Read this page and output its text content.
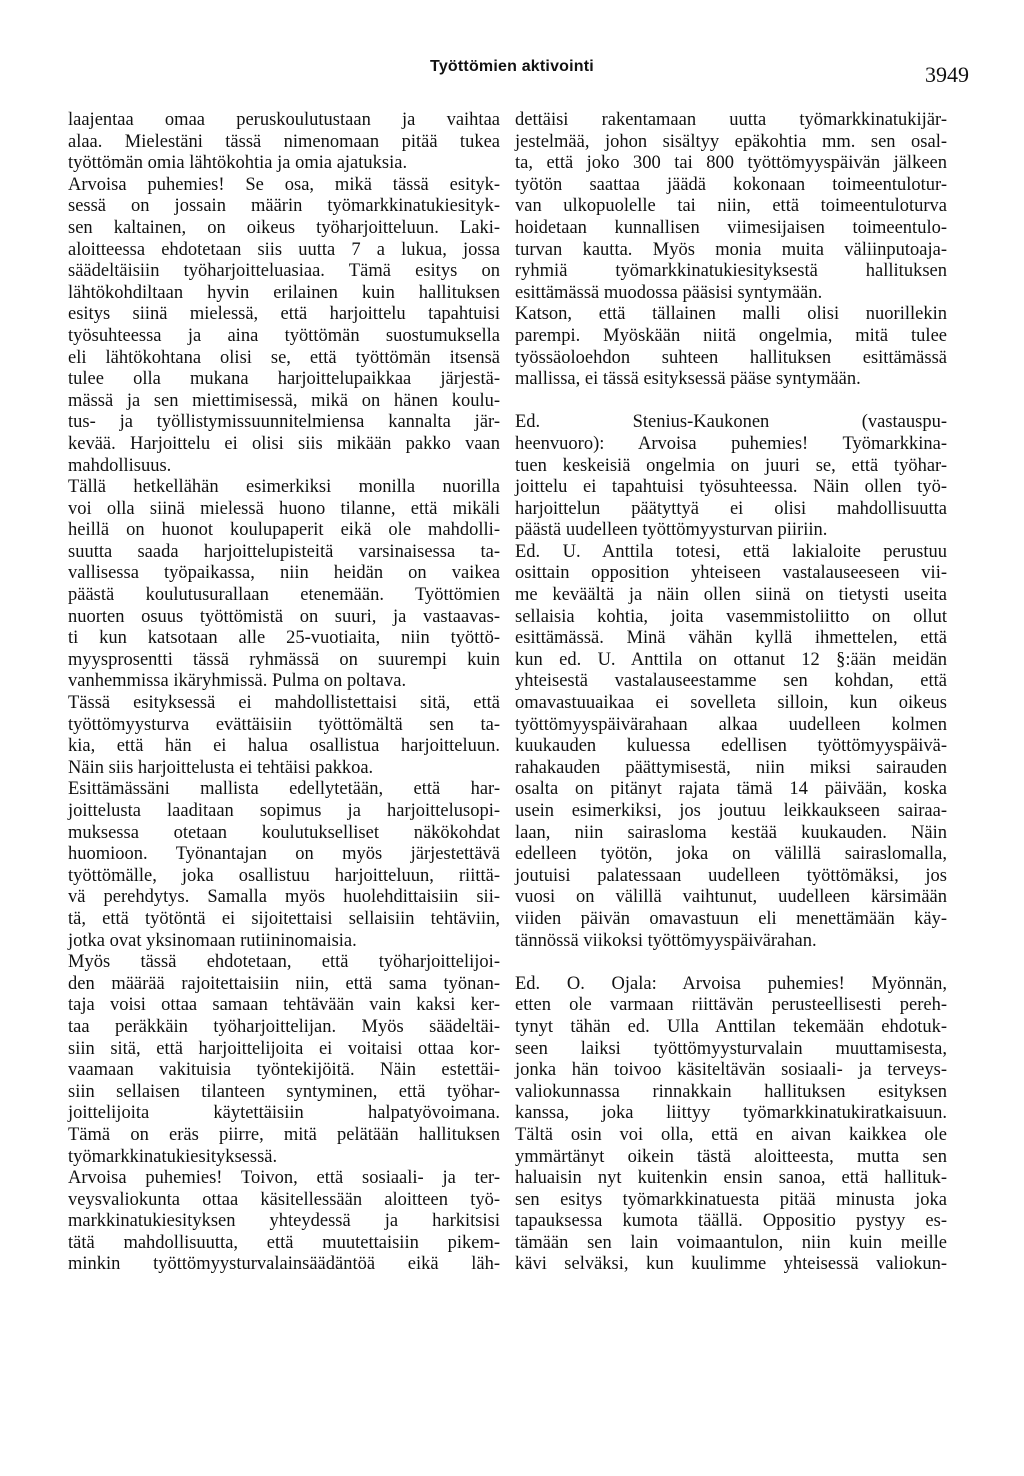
Työttömien aktivointi	3949
laajentaa omaa peruskoulutustaan ja vaihtaa
alaa. Mielestäni tässä nimenomaan pitää tukea
työttömän omia lähtökohtia ja omia ajatuksia.
Arvoisa puhemies! Se osa, mikä tässä esityk-
sessä on jossain määrin työmarkkinatukiesityk-
sen kaltainen, on oikeus työharjoitteluun. Laki-
aloitteessa ehdotetaan siis uutta 7 a lukua, jossa
säädeltäisiin työharjoitteluasiaa. Tämä esitys on
lähtökohdiltaan hyvin erilainen kuin hallituksen
esitys siinä mielessä, että harjoittelu tapahtuisi
työsuhteessa ja aina työttömän suostumuksella
eli lähtökohtana olisi se, että työttömän itsensä
tulee olla mukana harjoittelupaikkaa järjestä-
mässä ja sen miettimisessä, mikä on hänen koulu-
tus- ja työllistymissuunnitelmiensa kannalta jär-
kevää. Harjoittelu ei olisi siis mikään pakko vaan
mahdollisuus.
Tällä hetkellähän esimerkiksi monilla nuorilla
voi olla siinä mielessä huono tilanne, että mikäli
heillä on huonot koulupaperit eikä ole mahdolli-
suutta saada harjoittelupisteitä varsinaisessa ta-
vallisessa työpaikassa, niin heidän on vaikea
päästä koulutusurallaan etenemään. Työttömien
nuorten osuus työttömistä on suuri, ja vastaavas-
ti kun katsotaan alle 25-vuotiaita, niin työttö-
myysprosentti tässä ryhmässä on suurempi kuin
vanhemmissa ikäryhmissä. Pulma on poltava.
Tässä esityksessä ei mahdollistettaisi sitä, että
työttömyysturva evättäisiin työttömältä sen ta-
kia, että hän ei halua osallistua harjoitteluun.
Näin siis harjoittelusta ei tehtäisi pakkoa.
Esittämässäni mallista edellytetään, että har-
joittelusta laaditaan sopimus ja harjoittelusopi-
muksessa otetaan koulutukselliset näkökohdat
huomioon. Työnantajan on myös järjestettävä
työttömälle, joka osallistuu harjoitteluun, riittä-
vä perehdytys. Samalla myös huolehdittaisiin sii-
tä, että työtöntä ei sijoitettaisi sellaisiin tehtäviin,
jotka ovat yksinomaan rutiininomaisia.
Myös tässä ehdotetaan, että työharjoittelijoi-
den määrää rajoitettaisiin niin, että sama työnan-
taja voisi ottaa samaan tehtävään vain kaksi ker-
taa peräkkäin työharjoittelijan. Myös säädeltäi-
siin sitä, että harjoittelijoita ei voitaisi ottaa kor-
vaamaan vakituisia työntekijöitä. Näin estettäi-
siin sellaisen tilanteen syntyminen, että työhar-
joittelijoita käytettäisiin halpatyövoimana.
Tämä on eräs piirre, mitä pelätään hallituksen
työmarkkinatukiesityksessä.
Arvoisa puhemies! Toivon, että sosiaali- ja ter-
veysvaliokunta ottaa käsitellessään aloitteen työ-
markkinatukiesityksen yhteydessä ja harkitsisi
tätä mahdollisuutta, että muutettaisiin pikem-
minkin työttömyysturvalainsäädäntöä eikä läh-
dettäisi rakentamaan uutta työmarkkinatukijär-
jestelmää, johon sisältyy epäkohtia mm. sen osal-
ta, että joko 300 tai 800 työttömyyspäivän jälkeen
työtön saattaa jäädä kokonaan toimeentulotur-
van ulkopuolelle tai niin, että toimeentuloturva
hoidetaan kunnallisen viimesijaisen toimeentulo-
turvan kautta. Myös monia muita väliinputoaja-
ryhmiä työmarkkinatukiesityksestä hallituksen
esittämässä muodossa pääsisi syntymään.
Katson, että tällainen malli olisi nuorillekin
parempi. Myöskään niitä ongelmia, mitä tulee
työssäoloehdon suhteen hallituksen esittämässä
mallissa, ei tässä esityksessä pääse syntymään.
Ed. Stenius-Kaukonen (vastauspu-
heenvuoro): Arvoisa puhemies! Työmarkkina-
tuen keskeisiä ongelmia on juuri se, että työhar-
joittelu ei tapahtuisi työsuhteessa. Näin ollen työ-
harjoittelun päätyttyä ei olisi mahdollisuutta
päästä uudelleen työttömyysturvan piiriin.
Ed. U. Anttila totesi, että lakialoite perustuu
osittain opposition yhteiseen vastalauseeseen vii-
me keväältä ja näin ollen siinä on tietysti useita
sellaisia kohtia, joita vasemmistoliitto on ollut
esittämässä. Minä vähän kyllä ihmettelen, että
kun ed. U. Anttila on ottanut 12 §:ään meidän
yhteisestä vastalauseestamme sen kohdan, että
omavastuuaikaa ei sovelleta silloin, kun oikeus
työttömyyspäivärahaan alkaa uudelleen kolmen
kuukauden kuluessa edellisen työttömyyspäivä-
rahakauden päättymisestä, niin miksi sairauden
osalta on pitänyt rajata tämä 14 päivään, koska
usein esimerkiksi, jos joutuu leikkaukseen sairaa-
laan, niin sairasloma kestää kuukauden. Näin
edelleen työtön, joka on välillä sairaslomalla,
joutuisi palatessaan uudelleen työttömäksi, jos
vuosi on välillä vaihtunut, uudelleen kärsimään
viiden päivän omavastuun eli menettämään käy-
tännössä viikoksi työttömyyspäivärahan.
Ed. O. Ojala: Arvoisa puhemies! Myönnän,
etten ole varmaan riittävän perusteellisesti pereh-
tynyt tähän ed. Ulla Anttilan tekemään ehdotuk-
seen laiksi työttömyysturvalain muuttamisesta,
jonka hän toivoo käsiteltävän sosiaali- ja terveys-
valiokunnassa rinnakkain hallituksen esityksen
kanssa, joka liittyy työmarkkinatukiratkaisuun.
Tältä osin voi olla, että en aivan kaikkea ole
ymmärtänyt oikein tästä aloitteesta, mutta sen
haluaisin nyt kuitenkin ensin sanoa, että hallituk-
sen esitys työmarkkinatuesta pitää minusta joka
tapauksessa kumota täällä. Oppositio pystyy es-
tämään sen lain voimaantulon, niin kuin meille
kävi selväksi, kun kuulimme yhteisessä valiokun-
